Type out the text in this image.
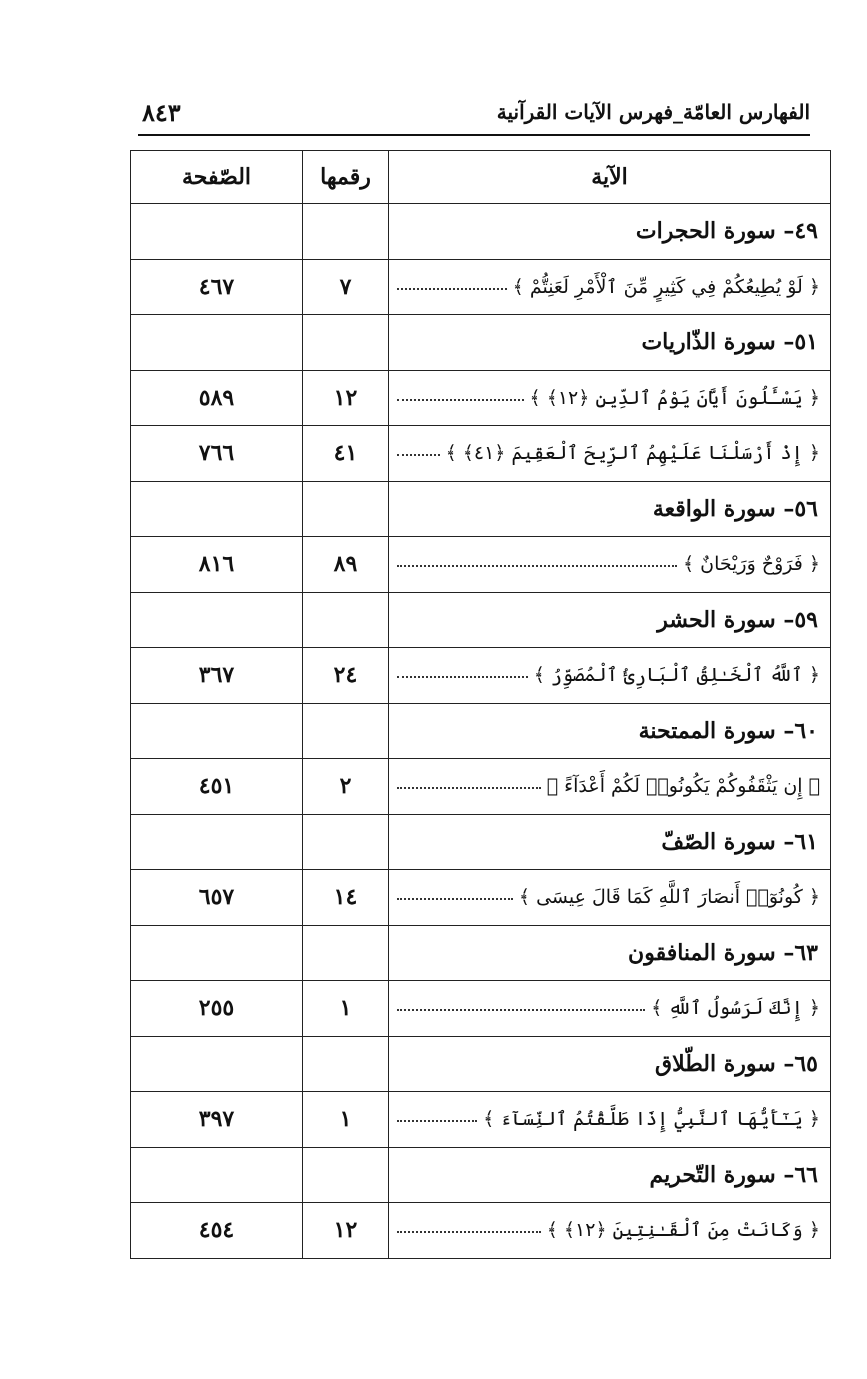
الفهارس العامّة_فهرس الآيات القرآنية
٨٤٣
الآية	رقمها	الصّفحة
٤٩– سورة الحجرات		

﴿ لَوْ يُطِيعُكُمْ فِي كَثِيرٍ مِّنَ ٱلْأَمْرِ لَعَنِتُّمْ ﴾	٧	٤٦٧
٥١– سورة الذّاريات		

﴿ يَسْـَٔلُونَ أَيَّانَ يَوْمُ ٱلدِّينِ ﴿١٢﴾ ﴾	١٢	٥٨٩

﴿ إِذْ أَرْسَلْنَا عَلَيْهِمُ ٱلرِّيحَ ٱلْعَقِيمَ ﴿٤١﴾ ﴾	٤١	٧٦٦
٥٦– سورة الواقعة		

﴿ فَرَوْحٌ وَرَيْحَانٌ ﴾	٨٩	٨١٦
٥٩– سورة الحشر		

﴿ ٱللَّهُ ٱلْخَـٰلِقُ ٱلْبَارِئُ ٱلْمُصَوِّرُ ﴾	٢٤	٣٦٧
٦٠– سورة الممتحنة		

﴿ إِن يَثْقَفُوكُمْ يَكُونُوا۟ لَكُمْ أَعْدَآءً ﴾	٢	٤٥١
٦١– سورة الصّفّ		

﴿ كُونُوٓا۟ أَنصَارَ ٱللَّهِ كَمَا قَالَ عِيسَى ﴾	١٤	٦٥٧
٦٣– سورة المنافقون		

﴿ إِنَّكَ لَرَسُولُ ٱللَّهِ ﴾	١	٢٥٥
٦٥– سورة الطّلاق		

﴿ يَـٰٓأَيُّهَا ٱلنَّبِيُّ إِذَا طَلَّقْتُمُ ٱلنِّسَآءَ ﴾	١	٣٩٧
٦٦– سورة التّحريم		

﴿ وَكَانَتْ مِنَ ٱلْقَـٰنِتِينَ ﴿١٢﴾ ﴾	١٢	٤٥٤
